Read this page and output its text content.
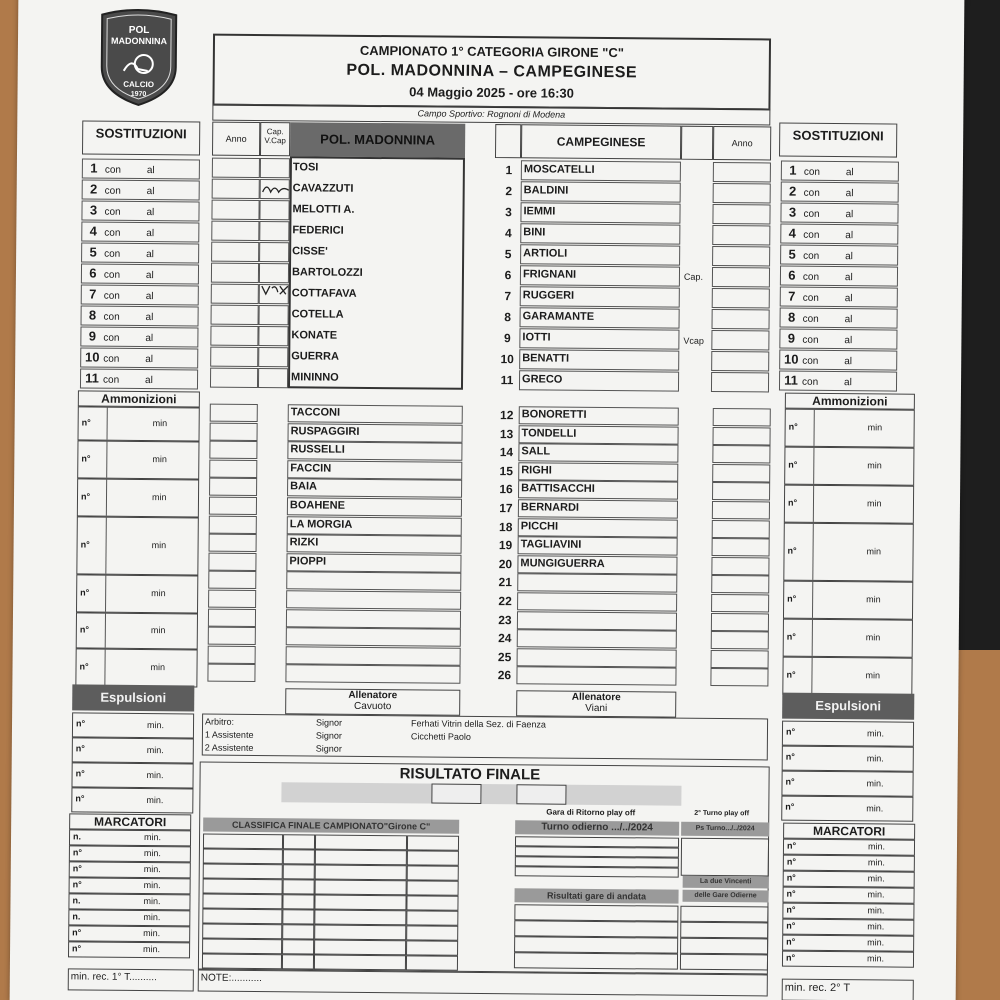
POL
MADONNINA
CALCIO
1970
CAMPIONATO 1° CATEGORIA GIRONE "C"
POL. MADONNINA – CAMPEGINESE
04 Maggio 2025 - ore 16:30
Campo Sportivo: Rognoni di Modena
SOSTITUZIONI
1 con	al
2 con	al
3 con	al
4 con	al
5 con	al
6 con	al
7 con	al
8 con	al
9 con	al
10 con	al
11 con	al
SOSTITUZIONI
1 con	al
2 con	al
3 con	al
4 con	al
5 con	al
6 con	al
7 con	al
8 con	al
9 con	al
10 con	al
11 con	al
Anno
Cap.
V.Cap	POL. MADONNINA	CAMPEGINESE	Anno
TOSI	1	MOSCATELLI
CAVAZZUTI	2	BALDINI
MELOTTI A.	3	IEMMI
FEDERICI	4	BINI
CISSE'	5	ARTIOLI
BARTOLOZZI	6	FRIGNANI
COTTAFAVA	7	RUGGERI
COTELLA	8	GARAMANTE
KONATE	9	IOTTI
GUERRA	10 BENATTI
MININNO	11 GRECO
TACCONI	12 BONORETTI
RUSPAGGIRI	13 TONDELLI
RUSSELLI	14 SALL
FACCIN	15 RIGHI
BAIA	16 BATTISACCHI
BOAHENE	17 BERNARDI
LA MORGIA	18 PICCHI
RIZKI	19 TAGLIAVINI
PIOPPI	20 MUNGIGUERRA
21
22
23
24
25
26
Cap.
Vcap
Ammonizioni
n°	min
n°	min
n°	min
n°	min
n°	min
n°	min
n°	min
Ammonizioni
n°	min
n°	min
n°	min
n°	min
n°	min
n°	min
n°	min
Espulsioni
n°	min.
n°	min.
n°	min.
n°	min.
Espulsioni
n°	min.
n°	min.
n°	min.
n°	min.
MARCATORI
n.	min.
n°	min.
n°	min.
n°	min.
n.	min.
n.	min.
n°	min.
n°	min.
MARCATORI
n°	min.
n°	min.
n°	min.
n°	min.
n°	min.
n°	min.
n°	min.
n°	min.
Allenatore
Cavuoto
Allenatore
Viani
Arbitro:
1 Assistente
2 Assistente
Signor
Signor
Signor
Ferhati Vitrin della Sez. di Faenza
Cicchetti Paolo
RISULTATO FINALE
CLASSIFICA FINALE CAMPIONATO"Girone C"
Gara di Ritorno play off	2° Turno play off
Turno odierno .../../2024	Ps Turno.../../2024
La due Vincenti
Risultati gare di andata	delle Gare Odierne
min. rec. 1° T..........	NOTE:...........
min. rec. 2° T
